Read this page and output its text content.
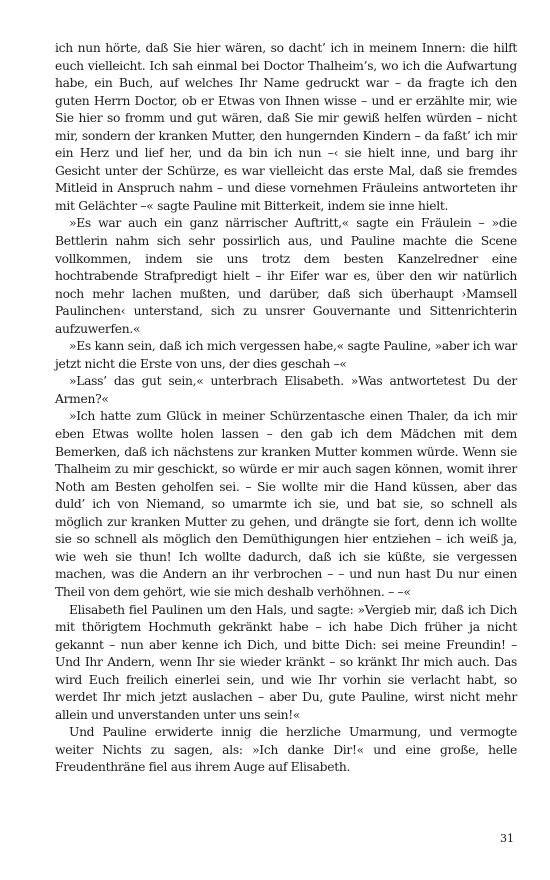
ich nun hörte, daß Sie hier wären, so dacht’ ich in meinem Innern: die hilft euch vielleicht. Ich sah einmal bei Doctor Thalheim’s, wo ich die Aufwartung habe, ein Buch, auf welches Ihr Name gedruckt war – da fragte ich den guten Herrn Doctor, ob er Etwas von Ihnen wisse – und er erzählte mir, wie Sie hier so fromm und gut wären, daß Sie mir gewiß helfen würden – nicht mir, sondern der kranken Mutter, den hungernden Kindern – da faßt’ ich mir ein Herz und lief her, und da bin ich nun –‹ sie hielt inne, und barg ihr Gesicht unter der Schürze, es war vielleicht das erste Mal, daß sie fremdes Mitleid in Anspruch nahm – und diese vornehmen Fräuleins antworteten ihr mit Gelächter –« sagte Pauline mit Bitterkeit, indem sie inne hielt.

»Es war auch ein ganz närrischer Auftritt,« sagte ein Fräulein – »die Bettlerin nahm sich sehr possirlich aus, und Pauline machte die Scene vollkommen, indem sie uns trotz dem besten Kanzelredner eine hochtrabende Strafpredigt hielt – ihr Eifer war es, über den wir natürlich noch mehr lachen mußten, und darüber, daß sich überhaupt ›Mamsell Paulinchen‹ unterstand, sich zu unsrer Gouvernante und Sittenrichterin aufzuwerfen.«

»Es kann sein, daß ich mich vergessen habe,« sagte Pauline, »aber ich war jetzt nicht die Erste von uns, der dies geschah –«

»Lass’ das gut sein,« unterbrach Elisabeth. »Was antwortetest Du der Armen?«

»Ich hatte zum Glück in meiner Schürzentasche einen Thaler, da ich mir eben Etwas wollte holen lassen – den gab ich dem Mädchen mit dem Bemerken, daß ich nächstens zur kranken Mutter kommen würde. Wenn sie Thalheim zu mir geschickt, so würde er mir auch sagen können, womit ihrer Noth am Besten geholfen sei. – Sie wollte mir die Hand küssen, aber das duld’ ich von Niemand, so umarmte ich sie, und bat sie, so schnell als möglich zur kranken Mutter zu gehen, und drängte sie fort, denn ich wollte sie so schnell als möglich den Demüthigungen hier entziehen – ich weiß ja, wie weh sie thun! Ich wollte dadurch, daß ich sie küßte, sie vergessen machen, was die Andern an ihr verbrochen – – und nun hast Du nur einen Theil von dem gehört, wie sie mich deshalb verhöhnen. – –«

Elisabeth fiel Paulinen um den Hals, und sagte: »Vergieb mir, daß ich Dich mit thörigtem Hochmuth gekränkt habe – ich habe Dich früher ja nicht gekannt – nun aber kenne ich Dich, und bitte Dich: sei meine Freundin! – Und Ihr Andern, wenn Ihr sie wieder kränkt – so kränkt Ihr mich auch. Das wird Euch freilich einerlei sein, und wie Ihr vorhin sie verlacht habt, so werdet Ihr mich jetzt auslachen – aber Du, gute Pauline, wirst nicht mehr allein und unverstanden unter uns sein!«

Und Pauline erwiderte innig die herzliche Umarmung, und vermogte weiter Nichts zu sagen, als: »Ich danke Dir!« und eine große, helle Freudenthräne fiel aus ihrem Auge auf Elisabeth.

31
